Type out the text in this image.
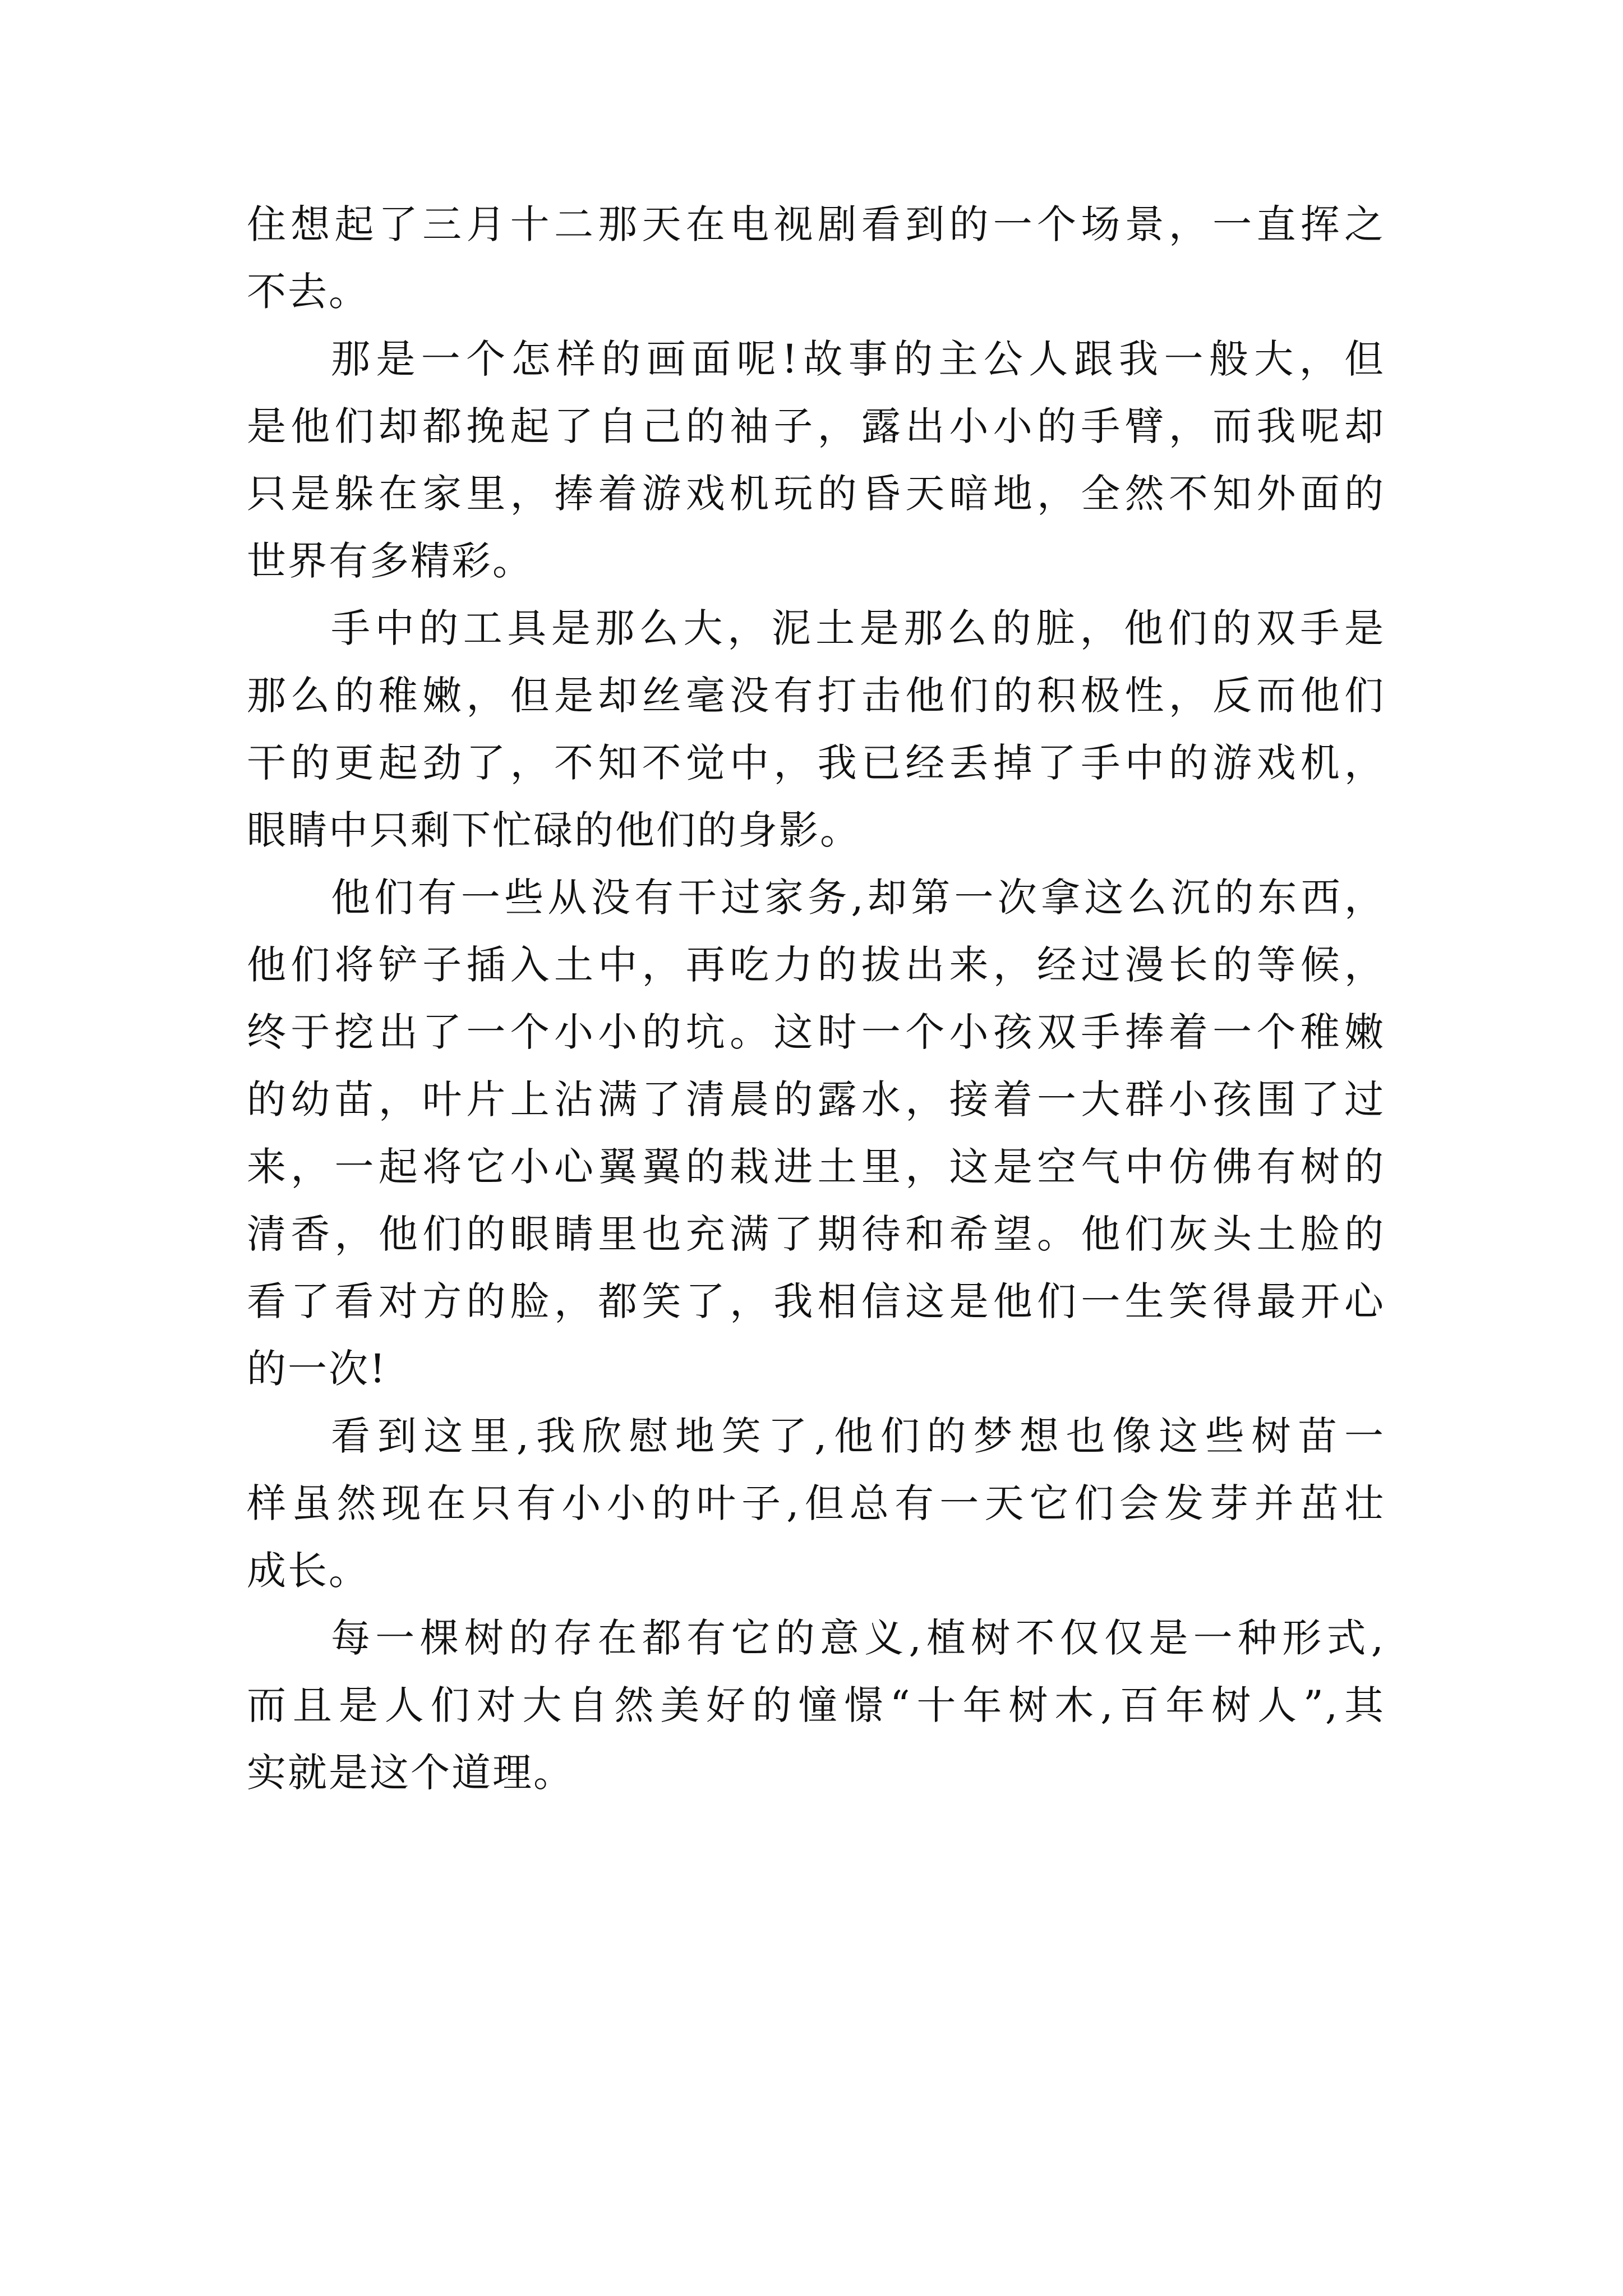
住想起了三月十二那天在电视剧看到的一个场景，一直挥之
不去。
那是一个怎样的画面呢!故事的主公人跟我一般大，但
是他们却都挽起了自己的袖子，露出小小的手臂，而我呢却
只是躲在家里，捧着游戏机玩的昏天暗地，全然不知外面的
世界有多精彩。
手中的工具是那么大，泥土是那么的脏，他们的双手是
那么的稚嫩，但是却丝毫没有打击他们的积极性，反而他们
干的更起劲了，不知不觉中，我已经丢掉了手中的游戏机，
眼睛中只剩下忙碌的他们的身影。
他们有一些从没有干过家务,却第一次拿这么沉的东西，
他们将铲子插入土中，再吃力的拔出来，经过漫长的等候，
终于挖出了一个小小的坑。这时一个小孩双手捧着一个稚嫩
的幼苗，叶片上沾满了清晨的露水，接着一大群小孩围了过
来，一起将它小心翼翼的栽进土里，这是空气中仿佛有树的
清香，他们的眼睛里也充满了期待和希望。他们灰头土脸的
看了看对方的脸，都笑了，我相信这是他们一生笑得最开心
的一次!
看到这里,我欣慰地笑了,他们的梦想也像这些树苗一
样虽然现在只有小小的叶子,但总有一天它们会发芽并茁壮
成长。
每一棵树的存在都有它的意义,植树不仅仅是一种形式,
而且是人们对大自然美好的憧憬“十年树木,百年树人”,其
实就是这个道理。
